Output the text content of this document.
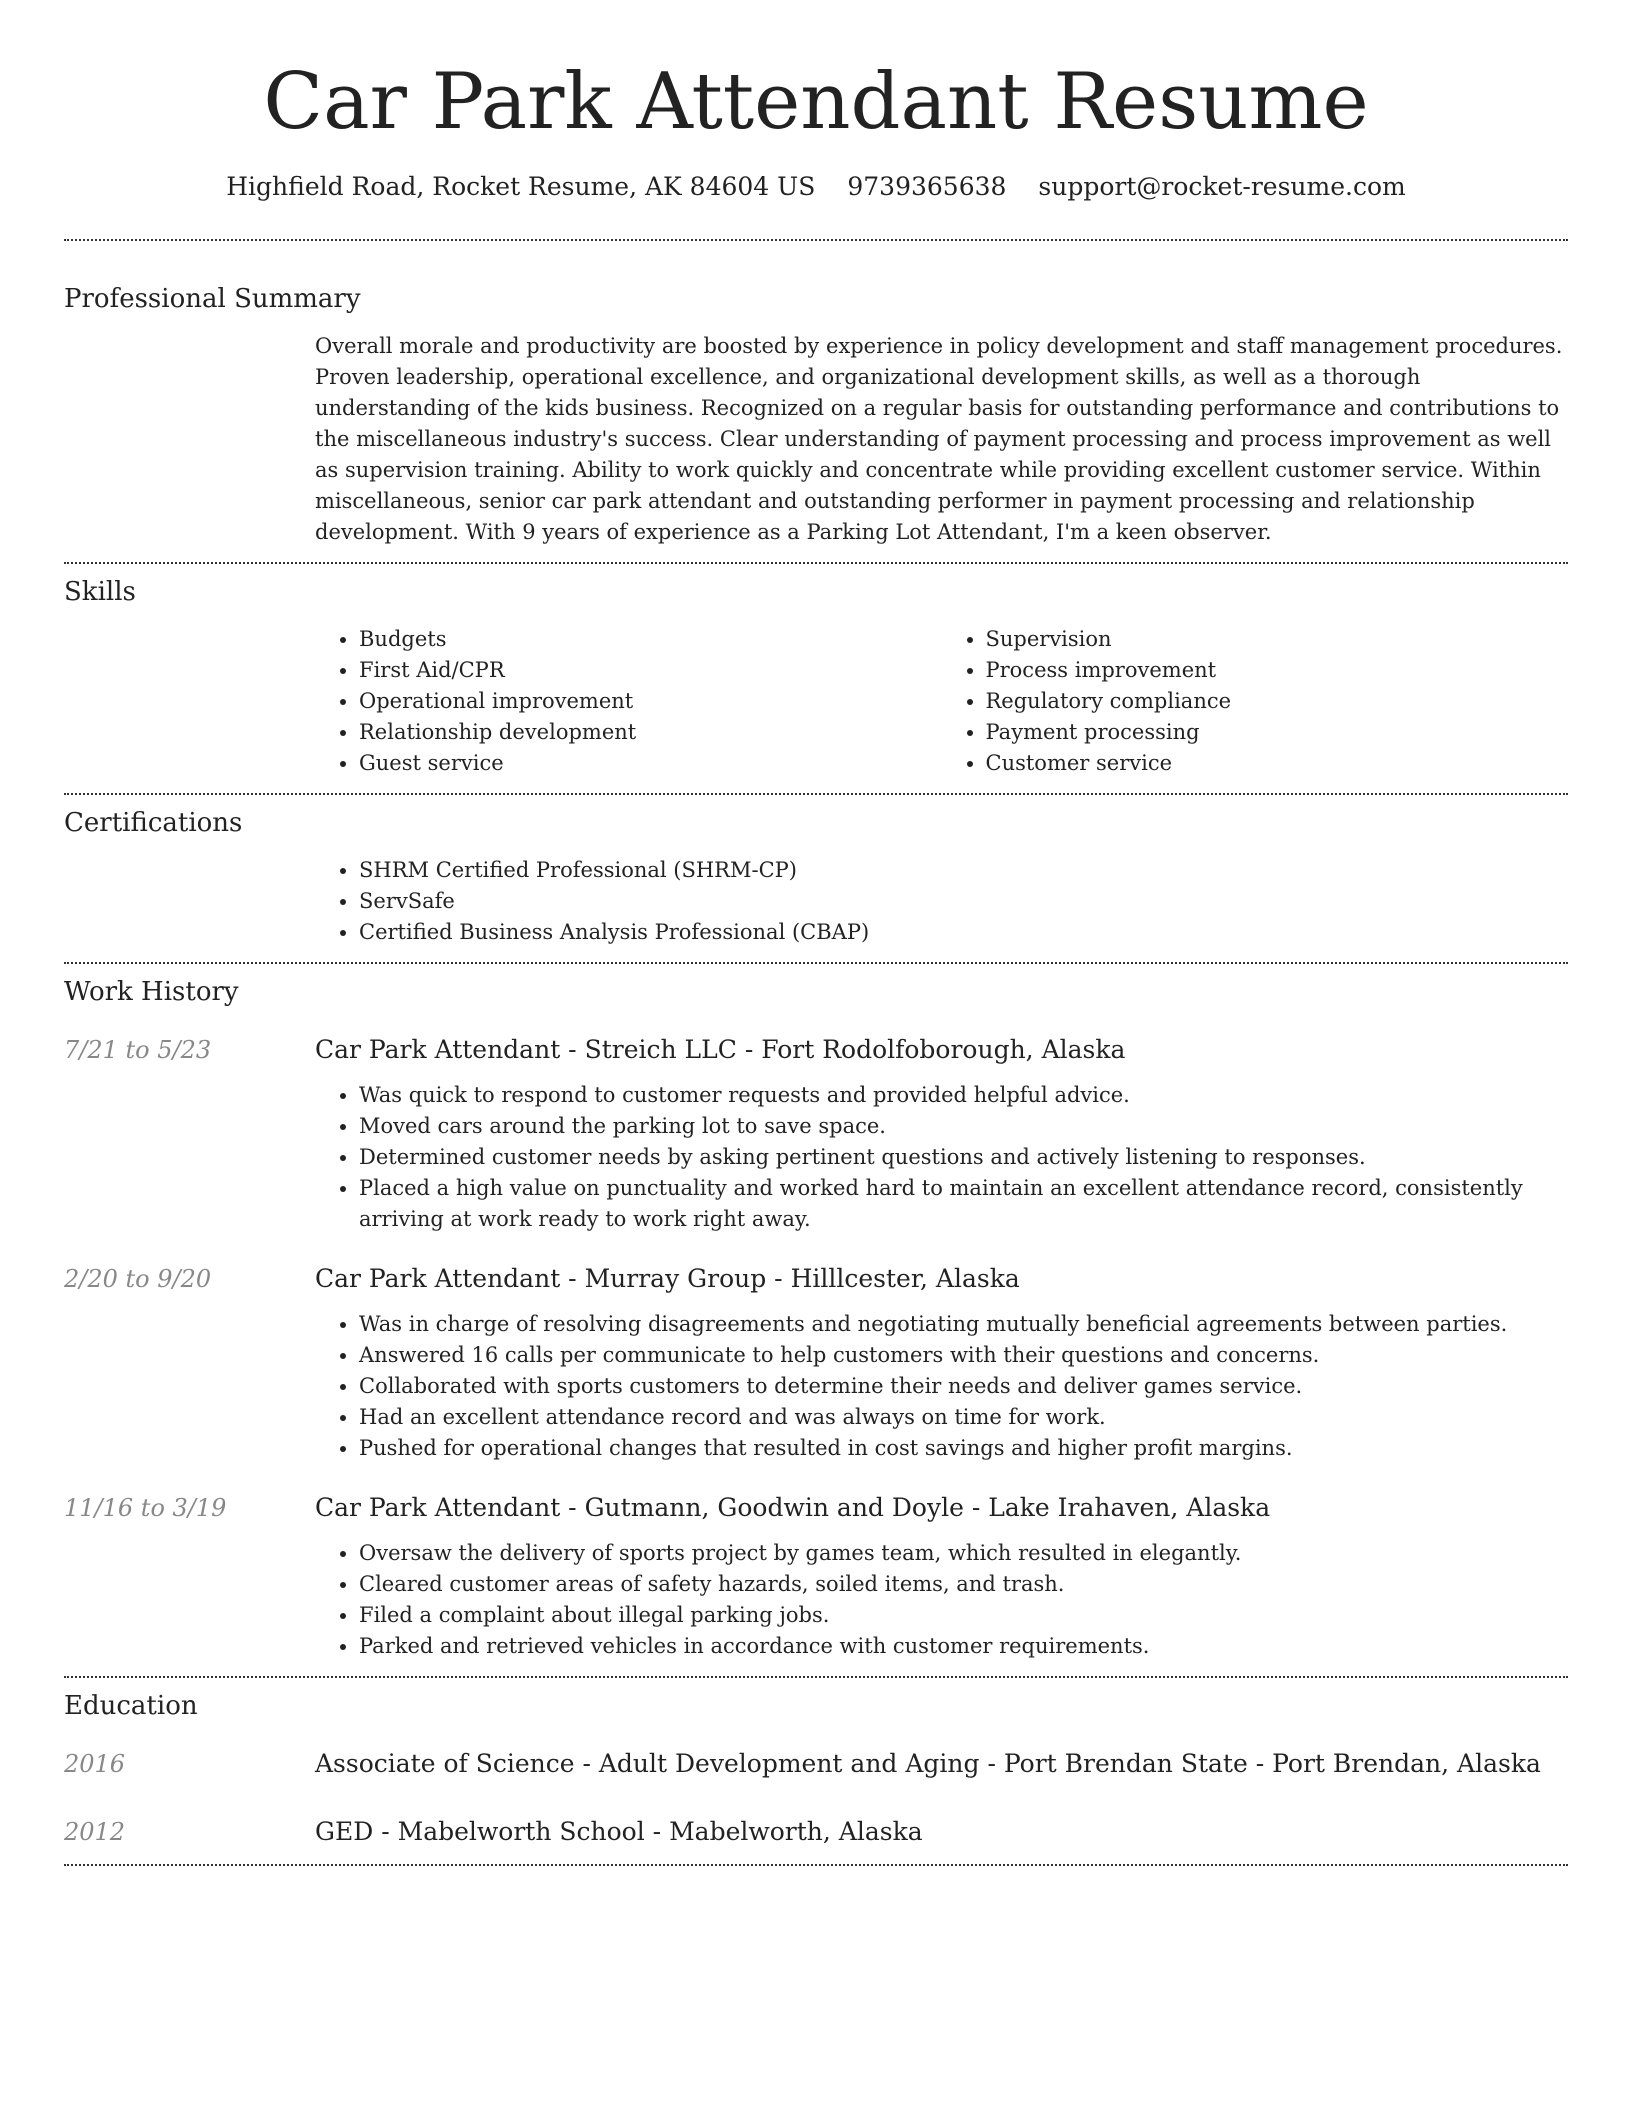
Car Park Attendant Resume
Highfield Road, Rocket Resume, AK 84604 US 9739365638 support@rocket-resume.com
Professional Summary

Overall morale and productivity are boosted by experience in policy development and staff management procedures. Proven leadership, operational excellence, and organizational development skills, as well as a thorough understanding of the kids business. Recognized on a regular basis for outstanding performance and contributions to the miscellaneous industry's success. Clear understanding of payment processing and process improvement as well as supervision training. Ability to work quickly and concentrate while providing excellent customer service. Within miscellaneous, senior car park attendant and outstanding performer in payment processing and relationship development. With 9 years of experience as a Parking Lot Attendant, I'm a keen observer.

Skills
• Budgets
• First Aid/CPR
• Operational improvement
• Relationship development
• Guest service
• Supervision
• Process improvement
• Regulatory compliance
• Payment processing
• Customer service
Certifications
• SHRM Certified Professional (SHRM-CP)
• ServSafe
• Certified Business Analysis Professional (CBAP)
Work History
7/21 to 5/23	Car Park Attendant - Streich LLC - Fort Rodolfoborough, Alaska
• Was quick to respond to customer requests and provided helpful advice.
• Moved cars around the parking lot to save space.
• Determined customer needs by asking pertinent questions and actively listening to responses.
• Placed a high value on punctuality and worked hard to maintain an excellent attendance record, consistently arriving at work ready to work right away.
2/20 to 9/20	Car Park Attendant - Murray Group - Hilllcester, Alaska
• Was in charge of resolving disagreements and negotiating mutually beneficial agreements between parties.
• Answered 16 calls per communicate to help customers with their questions and concerns.
• Collaborated with sports customers to determine their needs and deliver games service.
• Had an excellent attendance record and was always on time for work.
• Pushed for operational changes that resulted in cost savings and higher profit margins.
11/16 to 3/19	Car Park Attendant - Gutmann, Goodwin and Doyle - Lake Irahaven, Alaska
• Oversaw the delivery of sports project by games team, which resulted in elegantly.
• Cleared customer areas of safety hazards, soiled items, and trash.
• Filed a complaint about illegal parking jobs.
• Parked and retrieved vehicles in accordance with customer requirements.
Education
2016	Associate of Science - Adult Development and Aging - Port Brendan State - Port Brendan, Alaska
2012	GED - Mabelworth School - Mabelworth, Alaska
